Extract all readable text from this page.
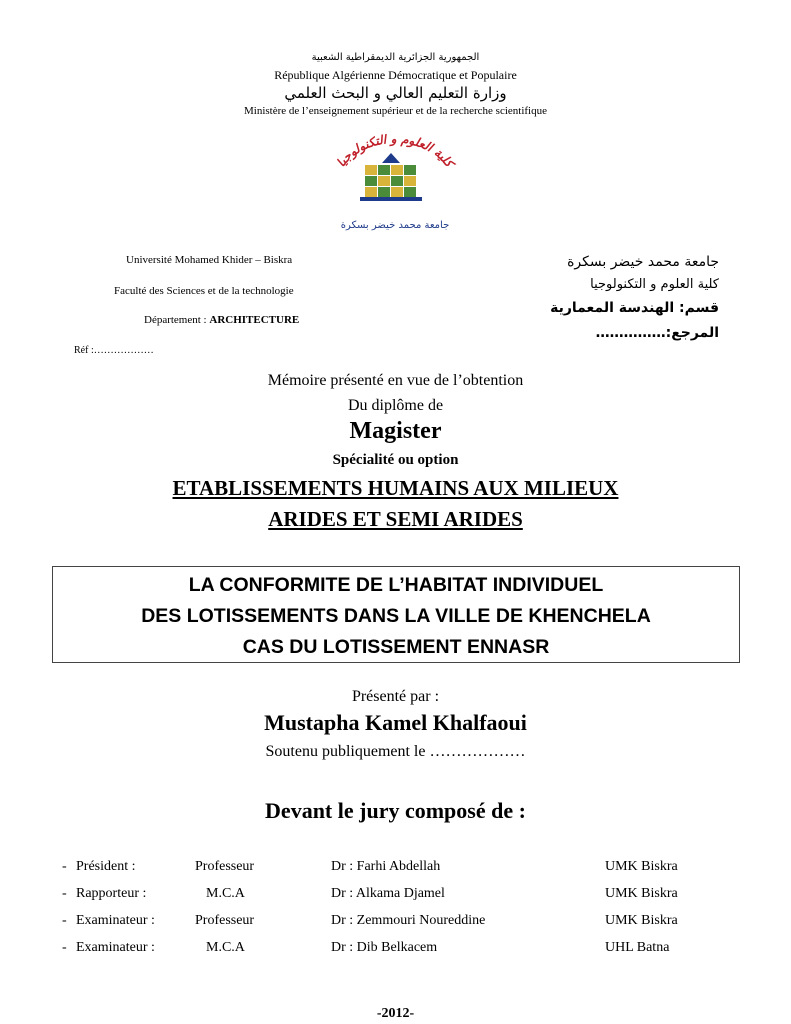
الجمهورية الجزائرية الديمقراطية الشعبية
République Algérienne Démocratique et Populaire
وزارة التعليم العالي و البحث العلمي
Ministère de l’enseignement supérieur et de la recherche scientifique
كلية العلوم و التكنولوجيا
جامعة محمد خيضر بسكرة
Université Mohamed Khider – Biskra
Faculté des Sciences et de la technologie
Département : ARCHITECTURE
Réf :………………
جامعة محمد خيضر بسكرة
كلية العلوم و التكنولوجيا
قسم: الهندسة المعمارية
المرجع:……………
Mémoire présenté en vue de l’obtention
Du diplôme de
Magister
Spécialité ou option
ETABLISSEMENTS HUMAINS AUX MILIEUX
ARIDES ET SEMI ARIDES
LA CONFORMITE DE L’HABITAT INDIVIDUEL
DES LOTISSEMENTS DANS LA VILLE DE KHENCHELA
CAS DU LOTISSEMENT ENNASR
Présenté par :
Mustapha Kamel Khalfaoui
Soutenu publiquement le ………………
Devant le jury composé de :
- Président :	Professeur	Dr : Farhi Abdellah	UMK Biskra
- Rapporteur :	M.C.A	Dr : Alkama Djamel	UMK Biskra
- Examinateur :	Professeur	Dr : Zemmouri Noureddine	UMK Biskra
- Examinateur :	M.C.A	Dr : Dib Belkacem	UHL Batna
-2012-
